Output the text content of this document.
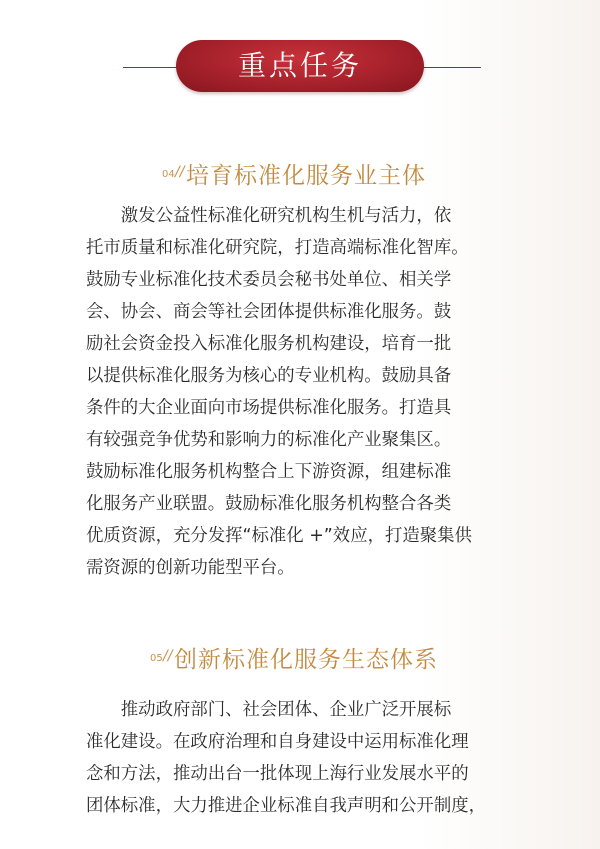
重点任务
04 // 培育标准化服务业主体
　　激发公益性标准化研究机构生机与活力，依
托市质量和标准化研究院，打造高端标准化智库。
鼓励专业标准化技术委员会秘书处单位、相关学
会、协会、商会等社会团体提供标准化服务。鼓
励社会资金投入标准化服务机构建设，培育一批
以提供标准化服务为核心的专业机构。鼓励具备
条件的大企业面向市场提供标准化服务。打造具
有较强竞争优势和影响力的标准化产业聚集区。
鼓励标准化服务机构整合上下游资源，组建标准
化服务产业联盟。鼓励标准化服务机构整合各类
优质资源，充分发挥“标准化 +”效应，打造聚集供
需资源的创新功能型平台。
05 // 创新标准化服务生态体系
　　推动政府部门、社会团体、企业广泛开展标
准化建设。在政府治理和自身建设中运用标准化理
念和方法，推动出台一批体现上海行业发展水平的
团体标准，大力推进企业标准自我声明和公开制度，
